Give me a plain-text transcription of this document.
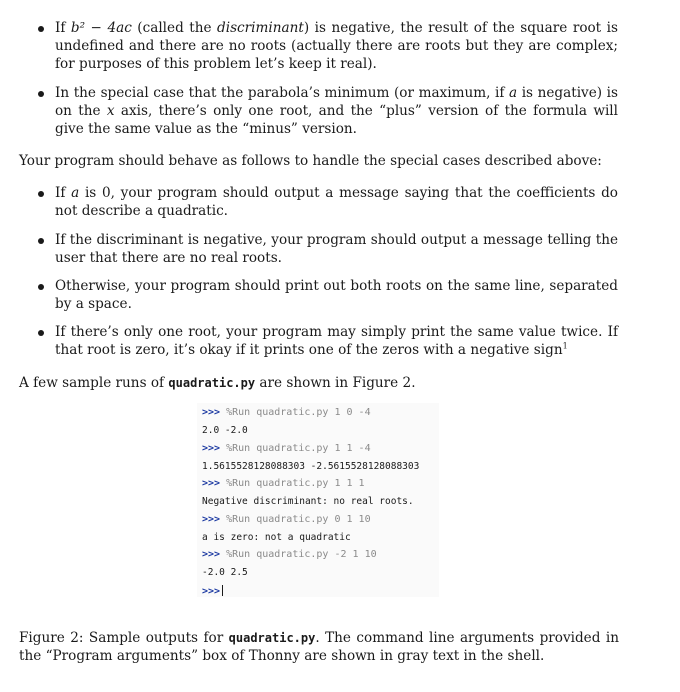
If b² − 4ac (called the discriminant) is negative, the result of the square root is undefined and there are no roots (actually there are roots but they are complex; for purposes of this problem let’s keep it real).
In the special case that the parabola’s minimum (or maximum, if a is negative) is on the x axis, there’s only one root, and the “plus” version of the formula will give the same value as the “minus” version.
Your program should behave as follows to handle the special cases described above:
If a is 0, your program should output a message saying that the coefficients do not describe a quadratic.
If the discriminant is negative, your program should output a message telling the user that there are no real roots.
Otherwise, your program should print out both roots on the same line, separated by a space.
If there’s only one root, your program may simply print the same value twice. If that root is zero, it’s okay if it prints one of the zeros with a negative sign$^1$
A few sample runs of quadratic.py are shown in Figure 2.
>>> %Run quadratic.py 1 0 -4
2.0 -2.0
>>> %Run quadratic.py 1 1 -4
1.5615528128088303 -2.5615528128088303
>>> %Run quadratic.py 1 1 1
Negative discriminant: no real roots.
>>> %Run quadratic.py 0 1 10
a is zero: not a quadratic
>>> %Run quadratic.py -2 1 10
-2.0 2.5
>>>
Figure 2: Sample outputs for quadratic.py. The command line arguments provided in the “Program arguments” box of Thonny are shown in gray text in the shell.
